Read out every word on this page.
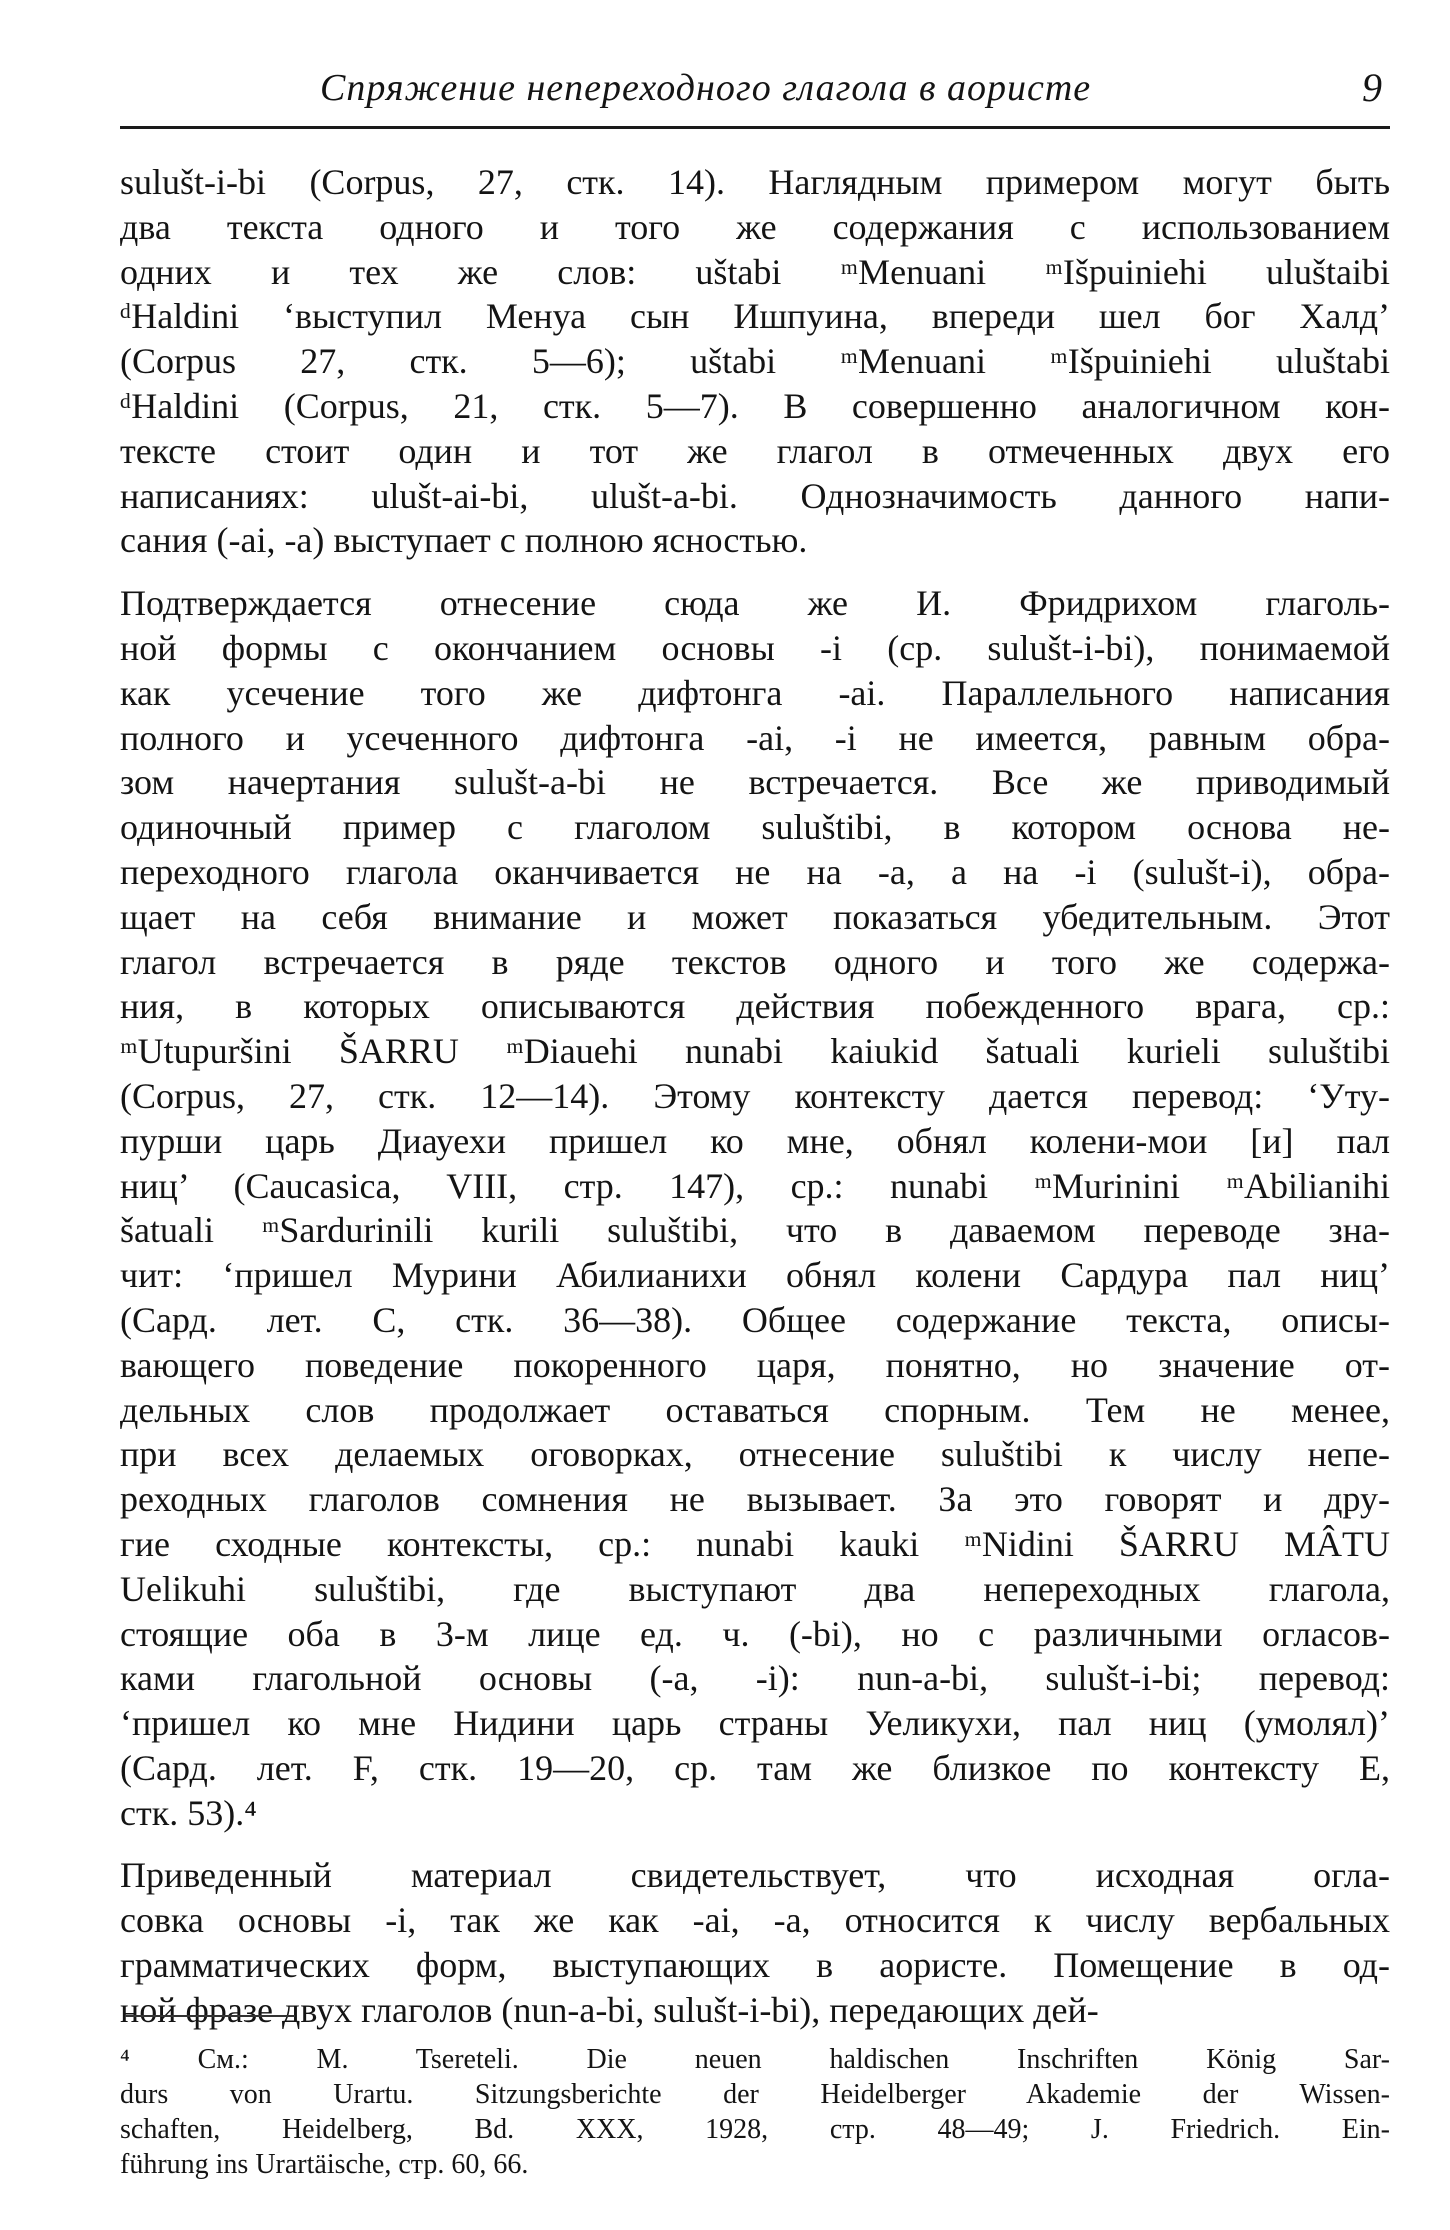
Спряжение непереходного глагола в аористе	9
sulušt-i-bi (Corpus, 27, стк. 14). Наглядным примером могут быть
два текста одного и того же содержания с использованием
одних и тех же слов: uštabi ᵐMenuani ᵐIšpuiniehi uluštaibi
ᵈHaldini ‘выступил Менуа сын Ишпуина, впереди шел бог Халд’
(Corpus 27, стк. 5—6); uštabi ᵐMenuani ᵐIšpuiniehi uluštabi
ᵈHaldini (Corpus, 21, стк. 5—7). В совершенно аналогичном кон-
тексте стоит один и тот же глагол в отмеченных двух его
написаниях: ulušt-ai-bi, ulušt-a-bi. Однозначимость данного напи-
сания (-ai, -a) выступает с полною ясностью.
Подтверждается отнесение сюда же И. Фридрихом глаголь-
ной формы с окончанием основы -i (ср. sulušt-i-bi), понимаемой
как усечение того же дифтонга -ai. Параллельного написания
полного и усеченного дифтонга -ai, -i не имеется, равным обра-
зом начертания sulušt-a-bi не встречается. Все же приводимый
одиночный пример с глаголом suluštibi, в котором основа не-
переходного глагола оканчивается не на -a, а на -i (sulušt-i), обра-
щает на себя внимание и может показаться убедительным. Этот
глагол встречается в ряде текстов одного и того же содержа-
ния, в которых описываются действия побежденного врага, ср.:
ᵐUtupuršini ŠARRU ᵐDiauehi nunabi kaiukid šatuali kurieli suluštibi
(Corpus, 27, стк. 12—14). Этому контексту дается перевод: ‘Уту-
пурши царь Диауехи пришел ко мне, обнял колени-мои [и] пал
ниц’ (Caucasica, VIII, стр. 147), ср.: nunabi ᵐMurinini ᵐAbilianihi
šatuali ᵐSardurinili kurili suluštibi, что в даваемом переводе зна-
чит: ‘пришел Мурини Абилианихи обнял колени Сардура пал ниц’
(Сард. лет. С, стк. 36—38). Общее содержание текста, описы-
вающего поведение покоренного царя, понятно, но значение от-
дельных слов продолжает оставаться спорным. Тем не менее,
при всех делаемых оговорках, отнесение suluštibi к числу непе-
реходных глаголов сомнения не вызывает. За это говорят и дру-
гие сходные контексты, ср.: nunabi kauki ᵐNidini ŠARRU MÂTU
Uelikuhi suluštibi, где выступают два непереходных глагола,
стоящие оба в 3-м лице ед. ч. (-bi), но с различными огласов-
ками глагольной основы (-a, -i): nun-a-bi, sulušt-i-bi; перевод:
‘пришел ко мне Нидини царь страны Уеликухи, пал ниц (умолял)’
(Сард. лет. F, стк. 19—20, ср. там же близкое по контексту E,
стк. 53).⁴
Приведенный материал свидетельствует, что исходная огла-
совка основы -i, так же как -ai, -a, относится к числу вербальных
грамматических форм, выступающих в аористе. Помещение в од-
ной фразе двух глаголов (nun-a-bi, sulušt-i-bi), передающих дей-
⁴ См.: M. Tsereteli. Die neuen haldischen Inschriften König Sar-
durs von Urartu. Sitzungsberichte der Heidelberger Akademie der Wissen-
schaften, Heidelberg, Bd. XXX, 1928, стр. 48—49; J. Friedrich. Ein-
führung ins Urartäische, стр. 60, 66.
